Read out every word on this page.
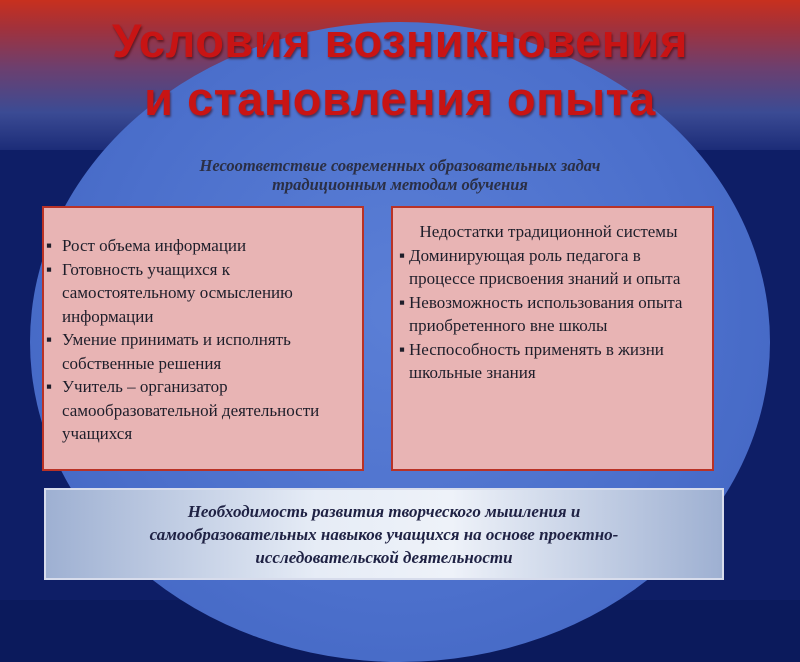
Условия возникновения
и становления опыта
Несоответствие современных образовательных задач
традиционным методам обучения
▪ Рост объема информации
▪ Готовность учащихся к самостоятельному осмыслению информации
▪ Умение принимать и исполнять собственные решения
▪ Учитель – организатор самообразовательной деятельности учащихся
Недостатки традиционной системы
▪ Доминирующая роль педагога в процессе присвоения знаний и опыта
▪ Невозможность использования опыта приобретенного вне школы
▪ Неспособность применять в жизни школьные знания
Необходимость развития творческого мышления и
самообразовательных навыков учащихся на основе проектно-
исследовательской деятельности
